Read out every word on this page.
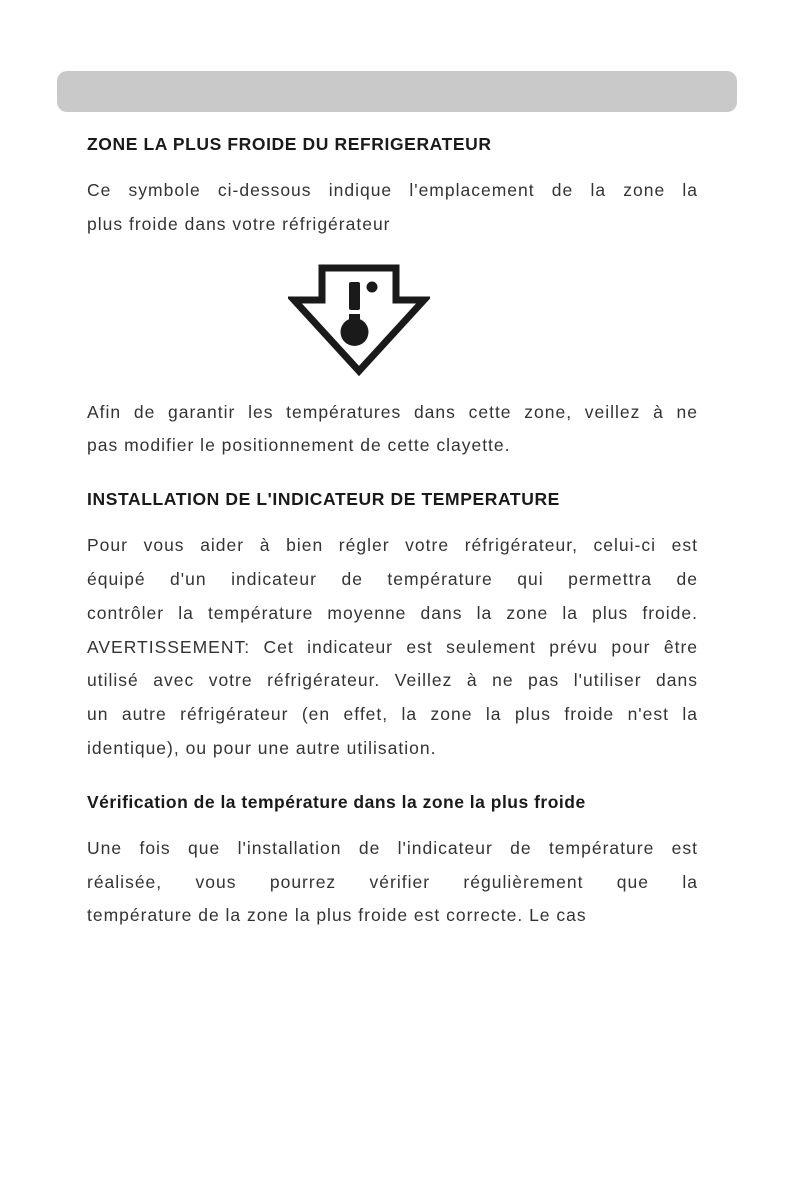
ZONE LA PLUS FROIDE DU REFRIGERATEUR

Ce symbole ci-dessous indique l'emplacement de la zone la
plus froide dans votre réfrigérateur

Afin de garantir les températures dans cette zone, veillez à ne
pas modifier le positionnement de cette clayette.

INSTALLATION DE L'INDICATEUR DE TEMPERATURE

Pour vous aider à bien régler votre réfrigérateur, celui-ci est
équipé d'un indicateur de température qui permettra de
contrôler la température moyenne dans la zone la plus froide.
AVERTISSEMENT: Cet indicateur est seulement prévu pour être
utilisé avec votre réfrigérateur. Veillez à ne pas l'utiliser dans
un autre réfrigérateur (en effet, la zone la plus froide n'est la
identique), ou pour une autre utilisation.

Vérification de la température dans la zone la plus froide

Une fois que l'installation de l'indicateur de température est
réalisée, vous pourrez vérifier régulièrement que la
température de la zone la plus froide est correcte. Le cas
